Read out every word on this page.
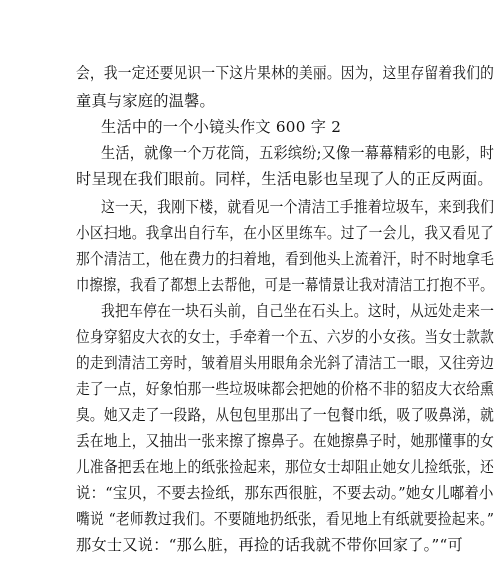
会，我一定还要见识一下这片果林的美丽。因为，这里存留着我们的
童真与家庭的温馨。
生活中的一个小镜头作文 600 字 2
生活，就像一个万花筒，五彩缤纷;又像一幕幕精彩的电影，时
时呈现在我们眼前。同样，生活电影也呈现了人的正反两面。
这一天，我刚下楼，就看见一个清洁工手推着垃圾车，来到我们
小区扫地。我拿出自行车，在小区里练车。过了一会儿，我又看见了
那个清洁工，他在费力的扫着地，看到他头上流着汗，时不时地拿毛
巾擦擦，我看了都想上去帮他，可是一幕情景让我对清洁工打抱不平。
我把车停在一块石头前，自己坐在石头上。这时，从远处走来一
位身穿貂皮大衣的女士，手牵着一个五、六岁的小女孩。当女士款款
的走到清洁工旁时，皱着眉头用眼角余光斜了清洁工一眼，又往旁边
走了一点，好象怕那一些垃圾味都会把她的价格不非的貂皮大衣给熏
臭。她又走了一段路，从包包里那出了一包餐巾纸，吸了吸鼻涕，就
丢在地上，又抽出一张来擦了擦鼻子。在她擦鼻子时，她那懂事的女
儿准备把丢在地上的纸张捡起来，那位女士却阻止她女儿捡纸张，还
说：“宝贝，不要去捡纸，那东西很脏，不要去动。”她女儿嘟着小
嘴说 “老师教过我们。不要随地扔纸张，看见地上有纸就要捡起来。”
那女士又说：“那么脏，再捡的话我就不带你回家了。”“可
